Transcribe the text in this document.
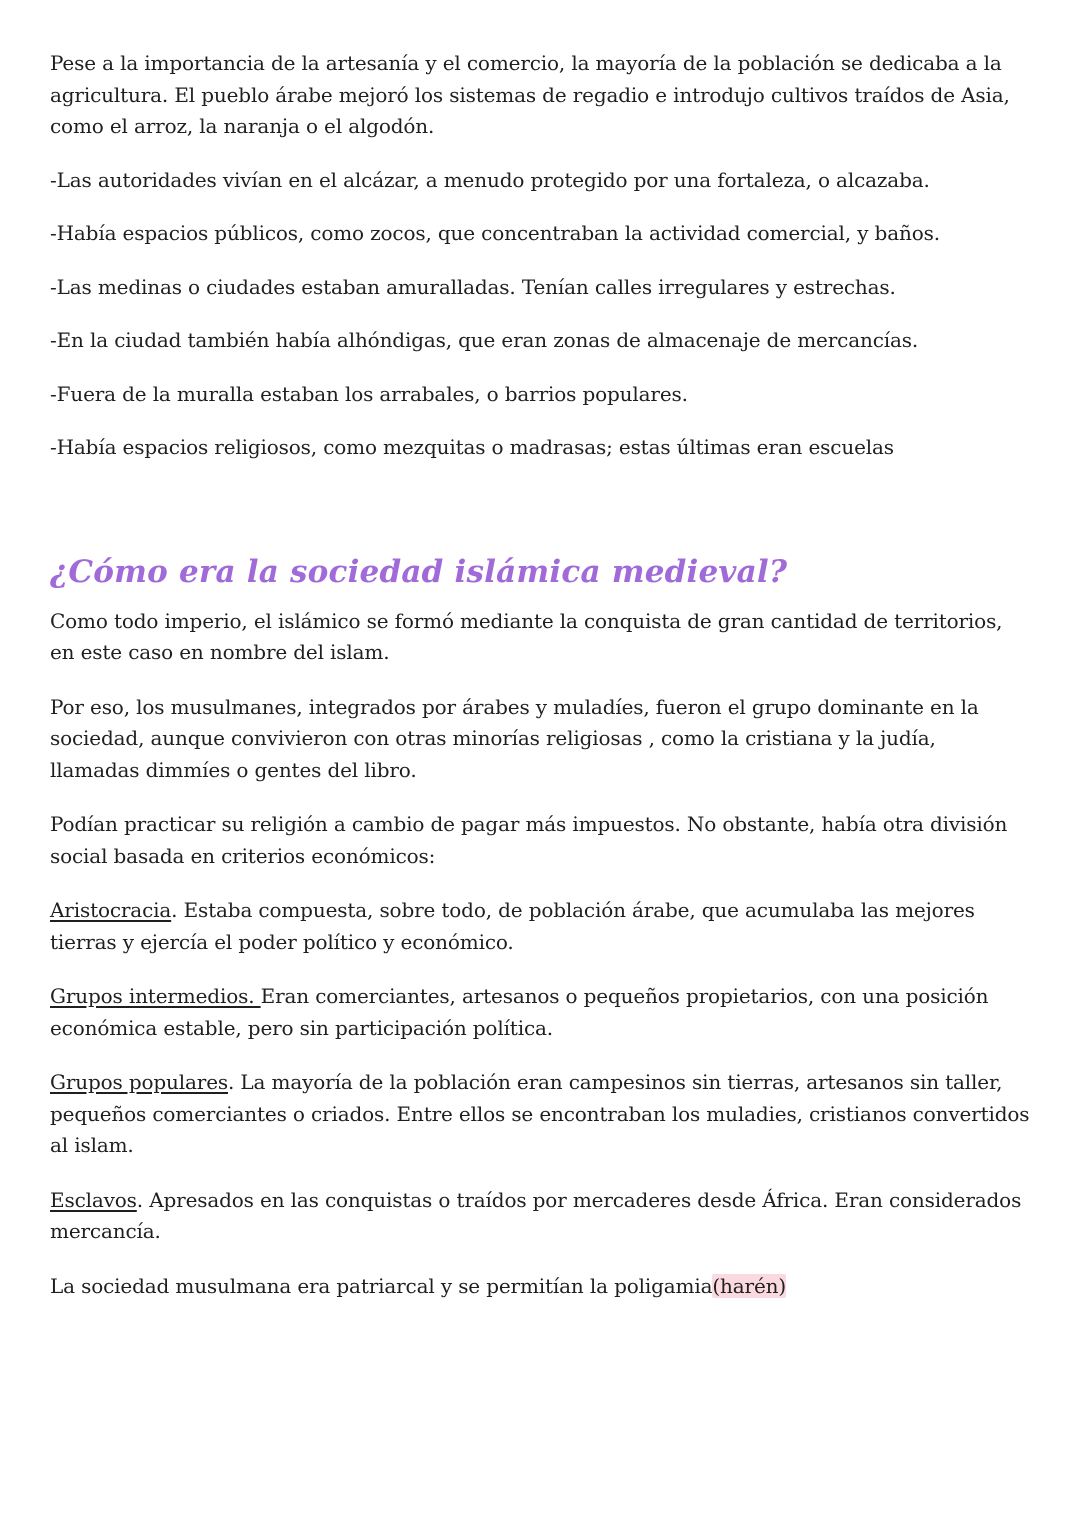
Pese a la importancia de la artesanía y el comercio, la mayoría de la población se dedicaba a la agricultura. El pueblo árabe mejoró los sistemas de regadio e introdujo cultivos traídos de Asia, como el arroz, la naranja o el algodón.

-Las autoridades vivían en el alcázar, a menudo protegido por una fortaleza, o alcazaba.

-Había espacios públicos, como zocos, que concentraban la actividad comercial, y baños.

-Las medinas o ciudades estaban amuralladas. Tenían calles irregulares y estrechas.

-En la ciudad también había alhóndigas, que eran zonas de almacenaje de mercancías.

-Fuera de la muralla estaban los arrabales, o barrios populares.

-Había espacios religiosos, como mezquitas o madrasas; estas últimas eran escuelas

¿Cómo era la sociedad islámica medieval?

Como todo imperio, el islámico se formó mediante la conquista de gran cantidad de territorios, en este caso en nombre del islam.

Por eso, los musulmanes, integrados por árabes y muladíes, fueron el grupo dominante en la sociedad, aunque convivieron con otras minorías religiosas , como la cristiana y la judía, llamadas dimmíes o gentes del libro.

Podían practicar su religión a cambio de pagar más impuestos. No obstante, había otra división social basada en criterios económicos:

Aristocracia. Estaba compuesta, sobre todo, de población árabe, que acumulaba las mejores tierras y ejercía el poder político y económico.

Grupos intermedios. Eran comerciantes, artesanos o pequeños propietarios, con una posición económica estable, pero sin participación política.

Grupos populares. La mayoría de la población eran campesinos sin tierras, artesanos sin taller, pequeños comerciantes o criados. Entre ellos se encontraban los muladies, cristianos convertidos al islam.

Esclavos. Apresados en las conquistas o traídos por mercaderes desde África. Eran considerados mercancía.

La sociedad musulmana era patriarcal y se permitían la poligamia(harén)
